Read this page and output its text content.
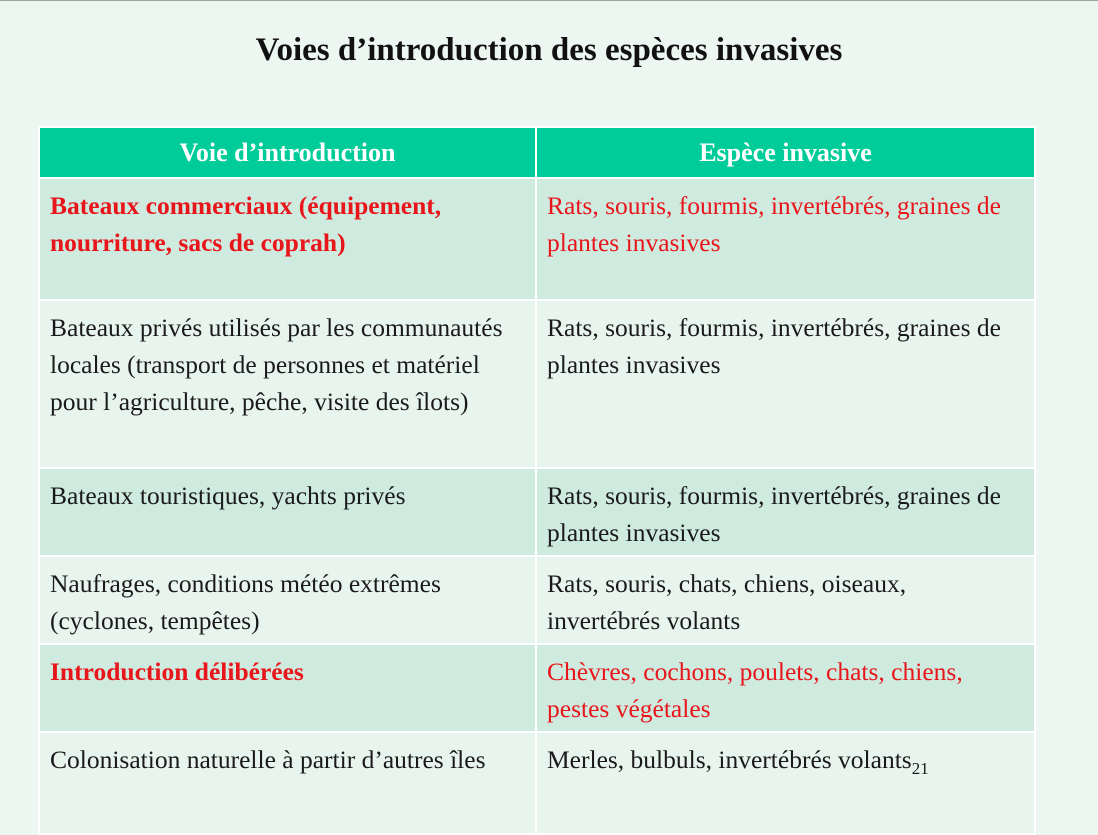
Voies d’introduction des espèces invasives
Voie d’introduction	Espèce invasive
Bateaux commerciaux (équipement, nourriture, sacs de coprah)	Rats, souris, fourmis, invertébrés, graines de plantes invasives
Bateaux privés utilisés par les communautés locales (transport de personnes et matériel pour l’agriculture, pêche, visite des îlots)	Rats, souris, fourmis, invertébrés, graines de plantes invasives
Bateaux touristiques, yachts privés	Rats, souris, fourmis, invertébrés, graines de plantes invasives
Naufrages, conditions météo extrêmes (cyclones, tempêtes)	Rats, souris, chats, chiens, oiseaux, invertébrés volants
Introduction délibérées	Chèvres, cochons, poulets, chats, chiens, pestes végétales
Colonisation naturelle à partir d’autres îles	Merles, bulbuls, invertébrés volants$_{21}$
